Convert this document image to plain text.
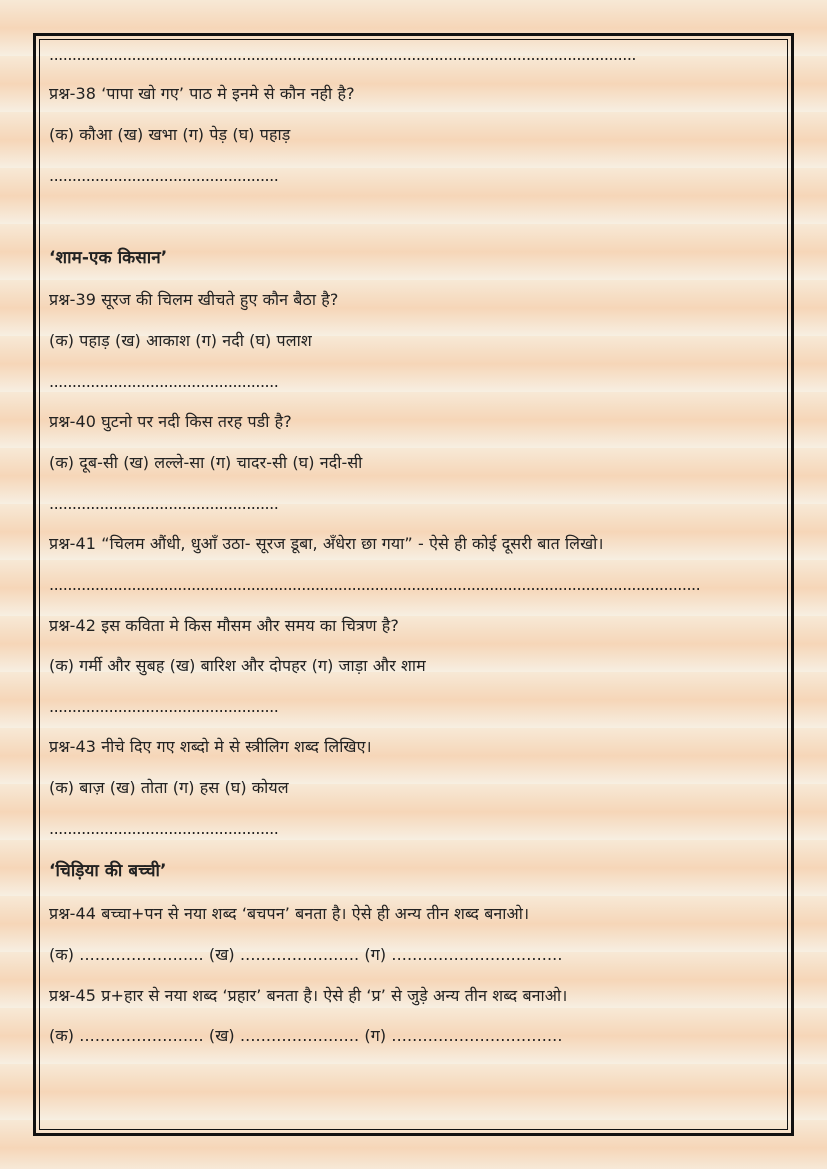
................................................................................................................................
प्रश्न-38 ‘पापा खो गए’ पाठ मे इनमे से कौन नही है?
(क) कौआ (ख) खभा (ग) पेड़ (घ) पहाड़
..................................................
‘शाम-एक किसान’
प्रश्न-39 सूरज की चिलम खीचते हुए कौन बैठा है?
(क) पहाड़ (ख) आकाश (ग) नदी (घ) पलाश
..................................................
प्रश्न-40 घुटनो पर नदी किस तरह पडी है?
(क) दूब-सी (ख) लल्ले-सा (ग) चादर-सी (घ) नदी-सी
..................................................
प्रश्न-41 “चिलम औंधी, धुआँ उठा- सूरज डूबा, अँधेरा छा गया” - ऐसे ही कोई दूसरी बात लिखो।
..............................................................................................................................................
प्रश्न-42 इस कविता मे किस मौसम और समय का चित्रण है?
(क) गर्मी और सुबह (ख) बारिश और दोपहर (ग) जाड़ा और शाम
..................................................
प्रश्न-43 नीचे दिए गए शब्दो मे से स्त्रीलिग शब्द लिखिए।
(क) बाज़ (ख) तोता (ग) हस (घ) कोयल
..................................................
‘चिड़िया की बच्ची’
प्रश्न-44 बच्चा+पन से नया शब्द ‘बचपन’ बनता है। ऐसे ही अन्य तीन शब्द बनाओ।
(क) ........................ (ख) ....................... (ग) .................................
प्रश्न-45 प्र+हार से नया शब्द ‘प्रहार’ बनता है। ऐसे ही ‘प्र’ से जुड़े अन्य तीन शब्द बनाओ।
(क) ........................ (ख) ....................... (ग) .................................
